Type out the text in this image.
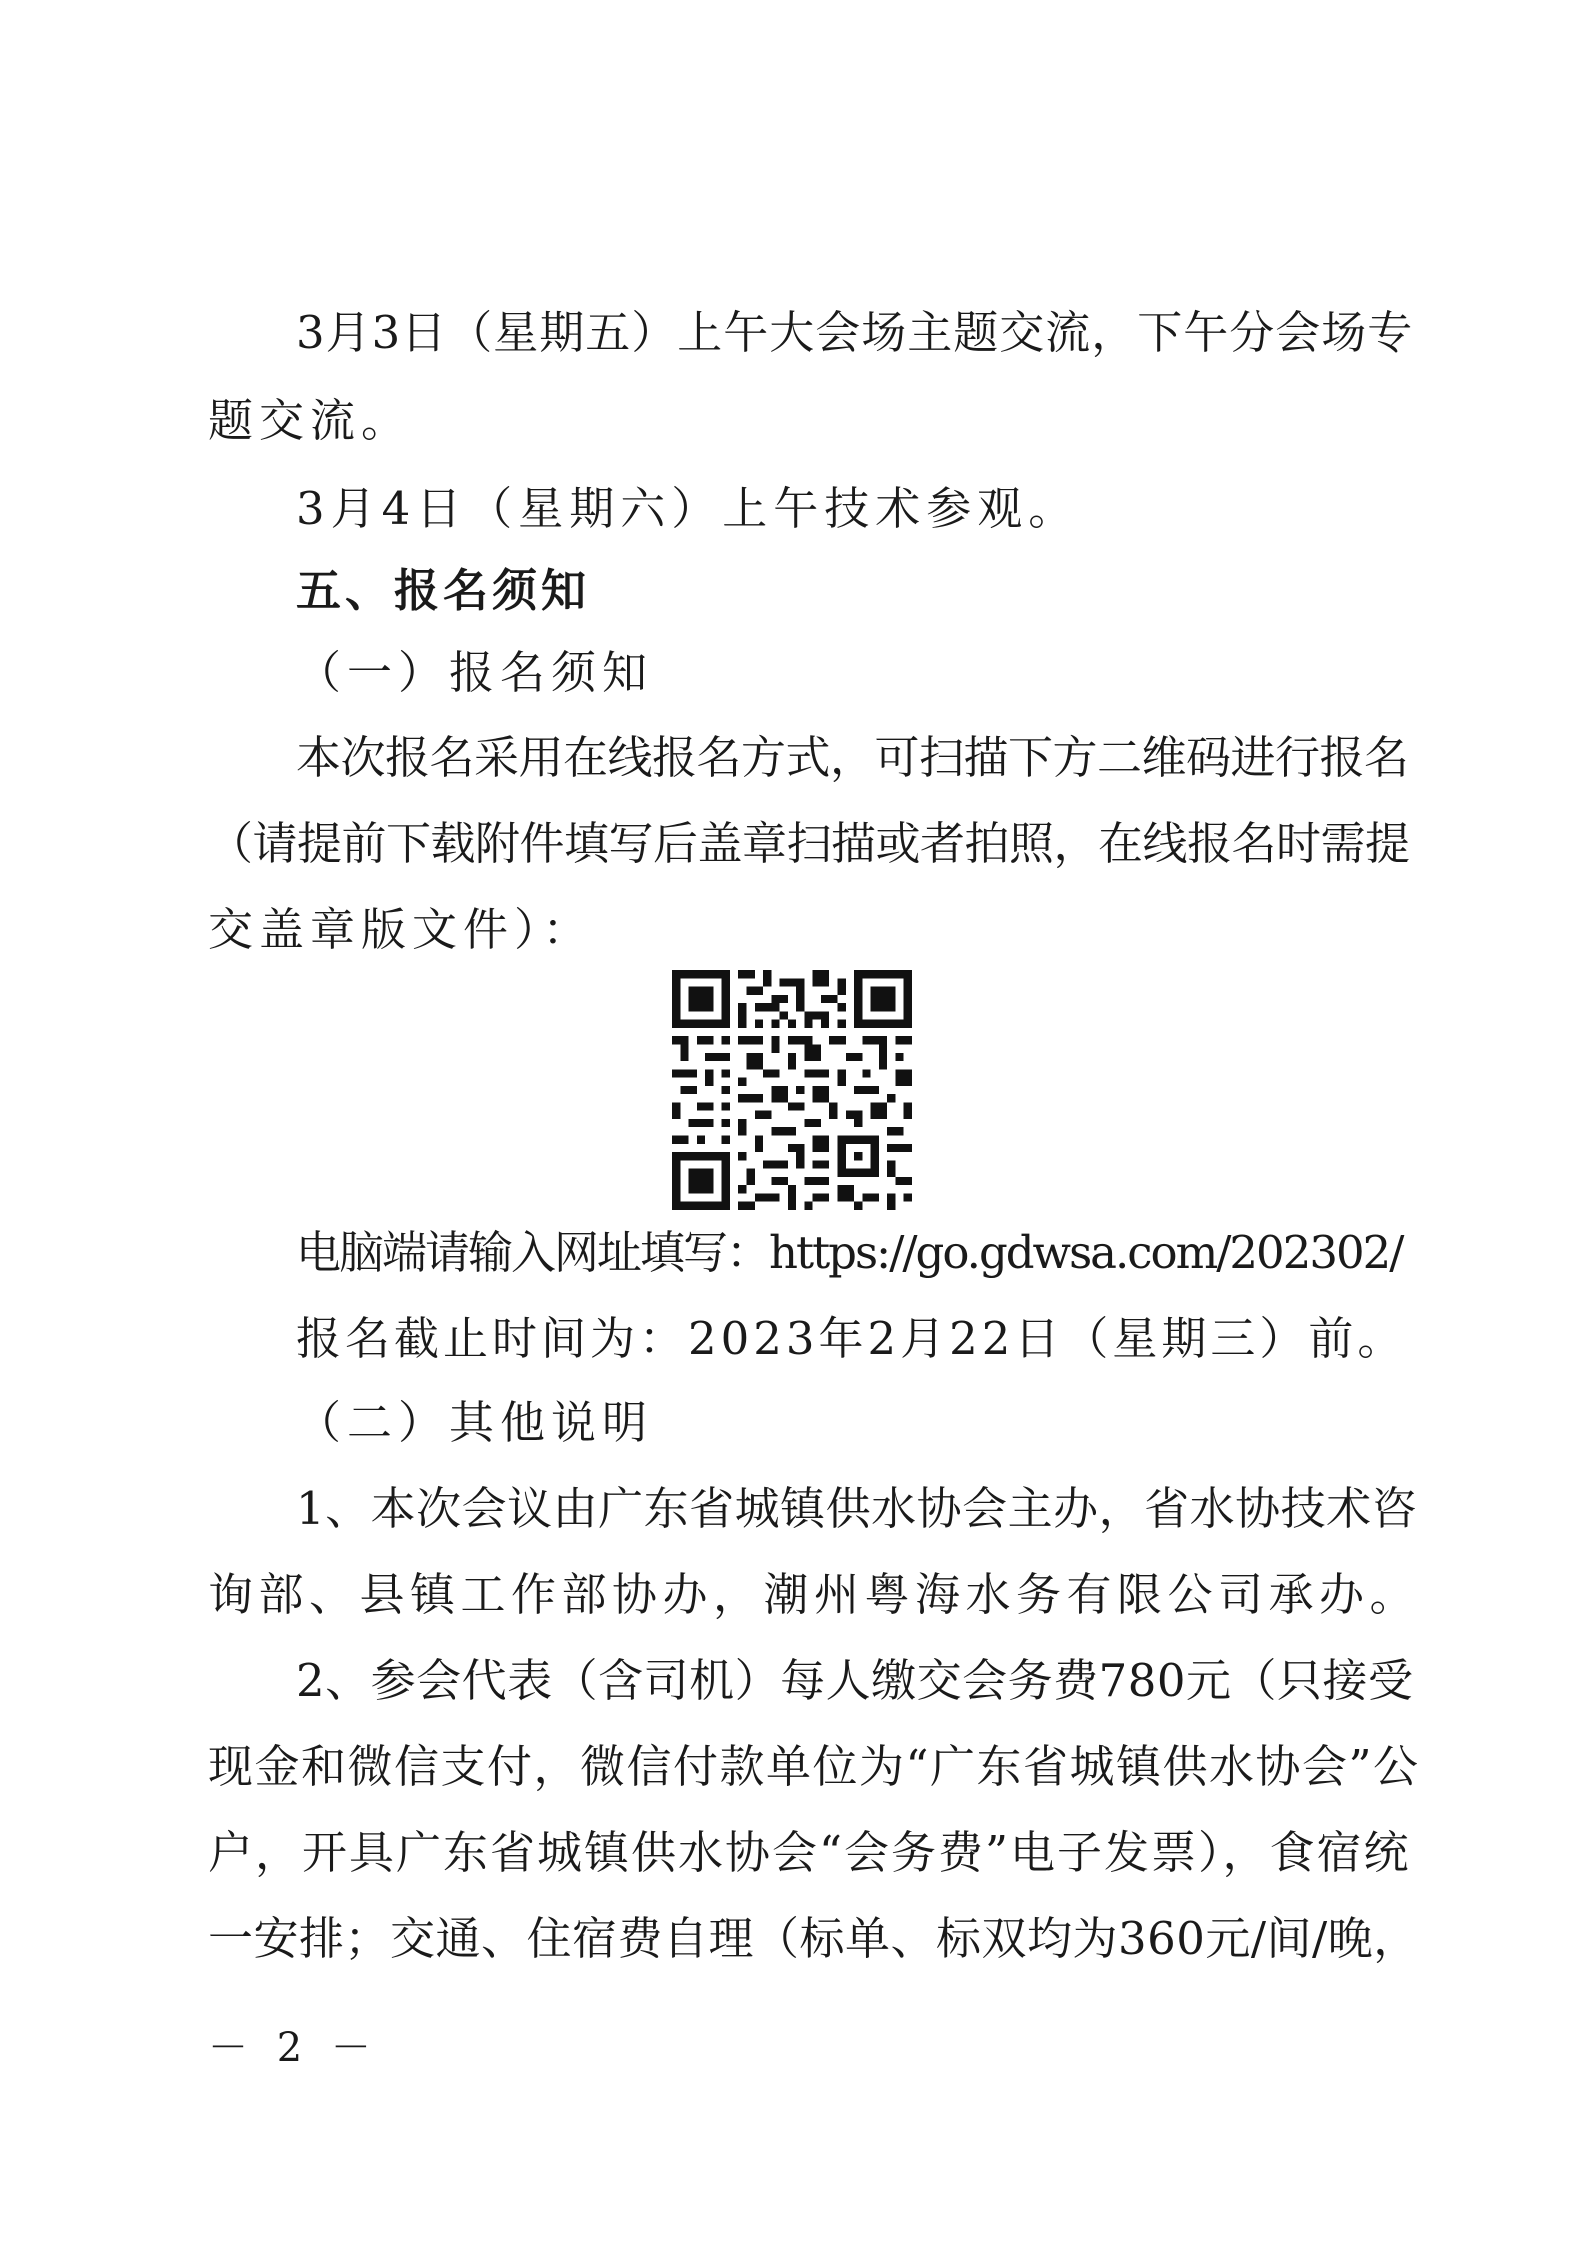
3月3日（星期五）上午大会场主题交流，下午分会场专
题交流。
3月4日（星期六）上午技术参观。
五、报名须知
（一）报名须知
本次报名采用在线报名方式，可扫描下方二维码进行报名
（请提前下载附件填写后盖章扫描或者拍照，在线报名时需提
交盖章版文件）：
电脑端请输入网址填写：https://go.gdwsa.com/202302/
报名截止时间为：2023年2月22日（星期三）前。
（二）其他说明
1、本次会议由广东省城镇供水协会主办，省水协技术咨
询部、县镇工作部协办，潮州粤海水务有限公司承办。
2、参会代表（含司机）每人缴交会务费780元（只接受
现金和微信支付，微信付款单位为“广东省城镇供水协会”公
户，开具广东省城镇供水协会“会务费”电子发票），食宿统
一安排；交通、住宿费自理（标单、标双均为360元/间/晚，
－ 2 －
